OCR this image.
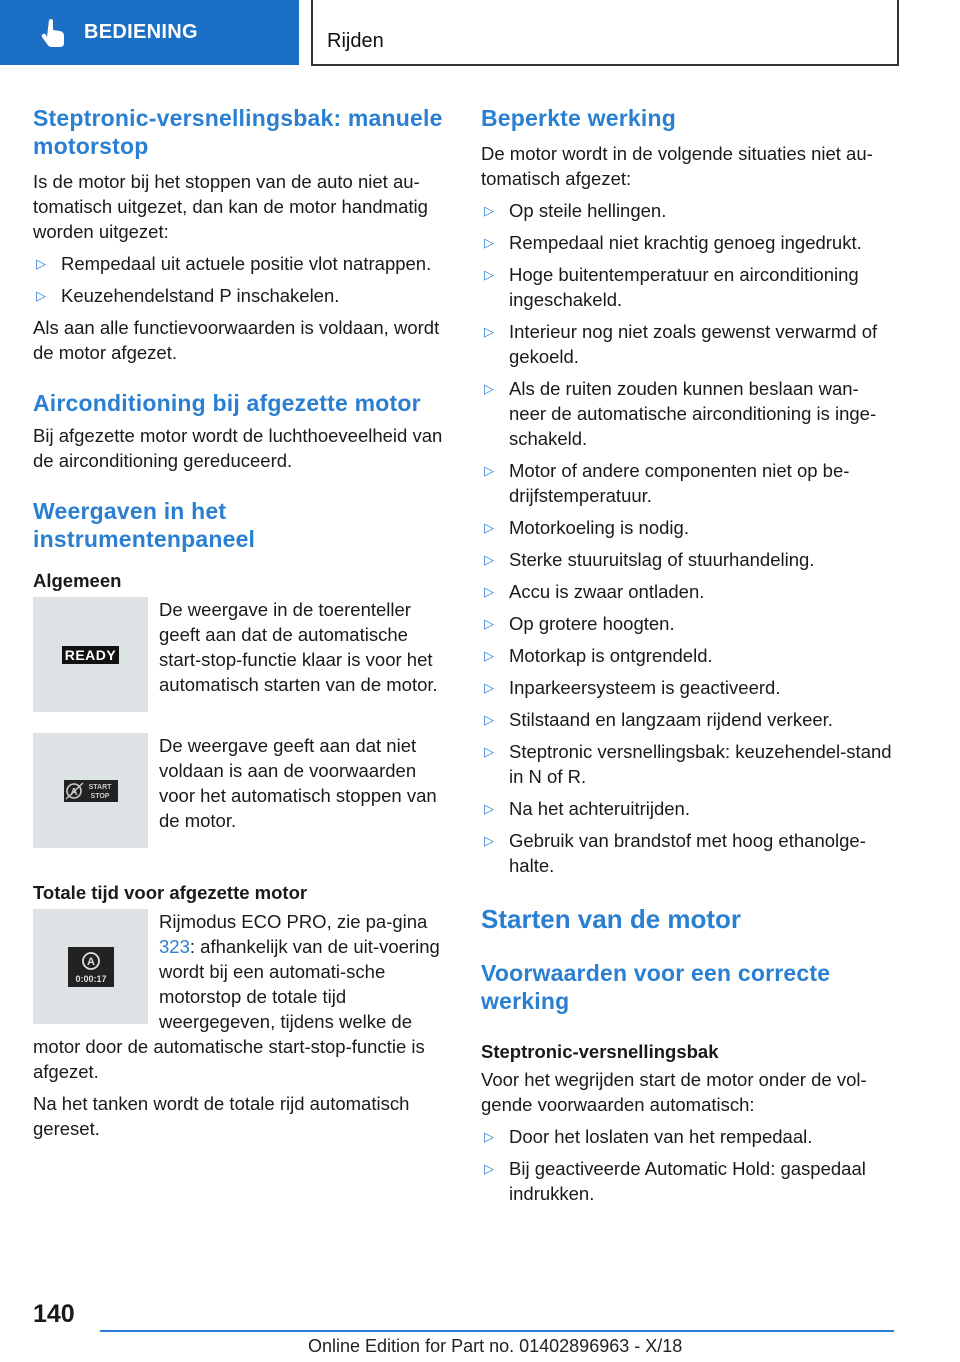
BEDIENING	Rijden
Steptronic-versnellingsbak: manuele motorstop

Is de motor bij het stoppen van de auto niet au-tomatisch uitgezet, dan kan de motor handmatig worden uitgezet:

▷ Rempedaal uit actuele positie vlot natrappen.
▷ Keuzehendelstand P inschakelen.

Als aan alle functievoorwaarden is voldaan, wordt de motor afgezet.

Airconditioning bij afgezette motor

Bij afgezette motor wordt de luchthoeveelheid van de airconditioning gereduceerd.

Weergaven in het instrumentenpaneel
Algemeen
READY

De weergave in de toerenteller geeft aan dat de automatische start-stop-functie klaar is voor het automatisch starten van de motor.

A START
STOP

De weergave geeft aan dat niet voldaan is aan de voorwaarden voor het automatisch stoppen van de motor.

Totale tijd voor afgezette motor
A
0:00:17

Rijmodus ECO PRO, zie pa-gina 323: afhankelijk van de uit-voering wordt bij een automati-sche motorstop de totale tijd weergegeven, tijdens welke de

motor door de automatische start-stop-functie is afgezet.

Na het tanken wordt de totale rijd automatisch gereset.

Beperkte werking

De motor wordt in de volgende situaties niet au-tomatisch afgezet:

▷ Op steile hellingen.
▷ Rempedaal niet krachtig genoeg ingedrukt.
▷ Hoge buitentemperatuur en airconditioning ingeschakeld.
▷ Interieur nog niet zoals gewenst verwarmd of gekoeld.
▷ Als de ruiten zouden kunnen beslaan wan-neer de automatische airconditioning is inge-schakeld.
▷ Motor of andere componenten niet op be-drijfstemperatuur.
▷ Motorkoeling is nodig.
▷ Sterke stuuruitslag of stuurhandeling.
▷ Accu is zwaar ontladen.
▷ Op grotere hoogten.
▷ Motorkap is ontgrendeld.
▷ Inparkeersysteem is geactiveerd.
▷ Stilstaand en langzaam rijdend verkeer.
▷ Steptronic versnellingsbak: keuzehendel-stand in N of R.
▷ Na het achteruitrijden.
▷ Gebruik van brandstof met hoog ethanolge-halte.
Starten van de motor
Voorwaarden voor een correcte werking
Steptronic-versnellingsbak

Voor het wegrijden start de motor onder de vol-gende voorwaarden automatisch:

▷ Door het loslaten van het rempedaal.
▷ Bij geactiveerde Automatic Hold: gaspedaal indrukken.
140
Online Edition for Part no. 01402896963 - X/18
